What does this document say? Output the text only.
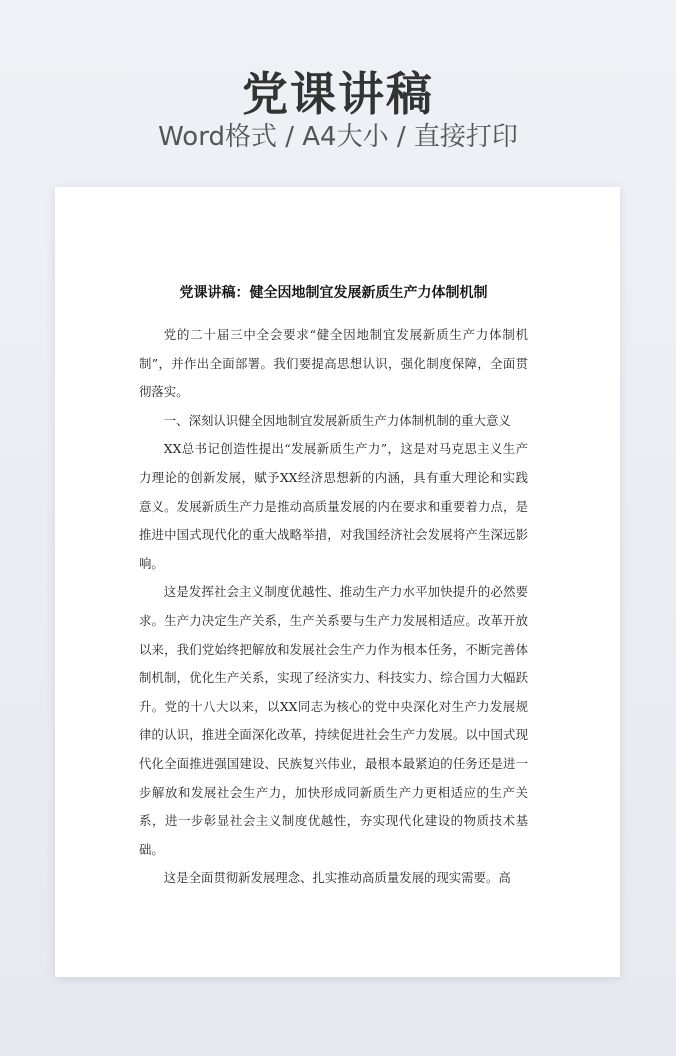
党课讲稿
Word格式 / A4大小 / 直接打印
党课讲稿：健全因地制宜发展新质生产力体制机制

党的二十届三中全会要求“健全因地制宜发展新质生产力体制机制”，并作出全面部署。我们要提高思想认识，强化制度保障，全面贯彻落实。

一、深刻认识健全因地制宜发展新质生产力体制机制的重大意义

XX总书记创造性提出“发展新质生产力”，这是对马克思主义生产力理论的创新发展，赋予XX经济思想新的内涵，具有重大理论和实践意义。发展新质生产力是推动高质量发展的内在要求和重要着力点，是推进中国式现代化的重大战略举措，对我国经济社会发展将产生深远影响。

这是发挥社会主义制度优越性、推动生产力水平加快提升的必然要求。生产力决定生产关系，生产关系要与生产力发展相适应。改革开放以来，我们党始终把解放和发展社会生产力作为根本任务，不断完善体制机制，优化生产关系，实现了经济实力、科技实力、综合国力大幅跃升。党的十八大以来，以XX同志为核心的党中央深化对生产力发展规律的认识，推进全面深化改革，持续促进社会生产力发展。以中国式现代化全面推进强国建设、民族复兴伟业，最根本最紧迫的任务还是进一步解放和发展社会生产力，加快形成同新质生产力更相适应的生产关系，进一步彰显社会主义制度优越性，夯实现代化建设的物质技术基础。

这是全面贯彻新发展理念、扎实推动高质量发展的现实需要。高
